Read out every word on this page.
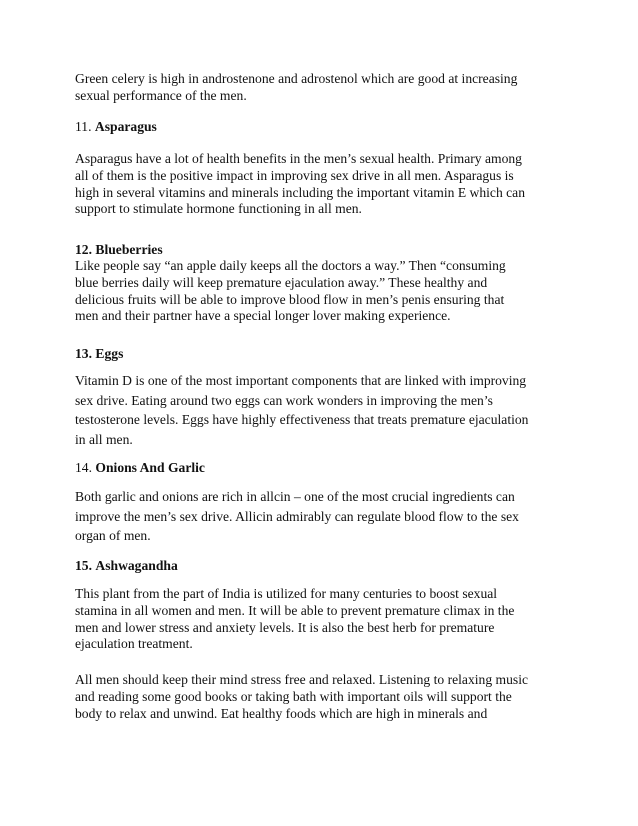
Green celery is high in androstenone and adrostenol which are good at increasing
sexual performance of the men.

11. Asparagus

Asparagus have a lot of health benefits in the men’s sexual health. Primary among
all of them is the positive impact in improving sex drive in all men. Asparagus is
high in several vitamins and minerals including the important vitamin E which can
support to stimulate hormone functioning in all men.

12. Blueberries

Like people say “an apple daily keeps all the doctors a way.” Then “consuming
blue berries daily will keep premature ejaculation away.” These healthy and
delicious fruits will be able to improve blood flow in men’s penis ensuring that
men and their partner have a special longer lover making experience.

13. Eggs

Vitamin D is one of the most important components that are linked with improving
sex drive. Eating around two eggs can work wonders in improving the men’s
testosterone levels. Eggs have highly effectiveness that treats premature ejaculation
in all men.

14. Onions And Garlic

Both garlic and onions are rich in allcin – one of the most crucial ingredients can
improve the men’s sex drive. Allicin admirably can regulate blood flow to the sex
organ of men.

15. Ashwagandha

This plant from the part of India is utilized for many centuries to boost sexual
stamina in all women and men. It will be able to prevent premature climax in the
men and lower stress and anxiety levels. It is also the best herb for premature
ejaculation treatment.

All men should keep their mind stress free and relaxed. Listening to relaxing music
and reading some good books or taking bath with important oils will support the
body to relax and unwind. Eat healthy foods which are high in minerals and
